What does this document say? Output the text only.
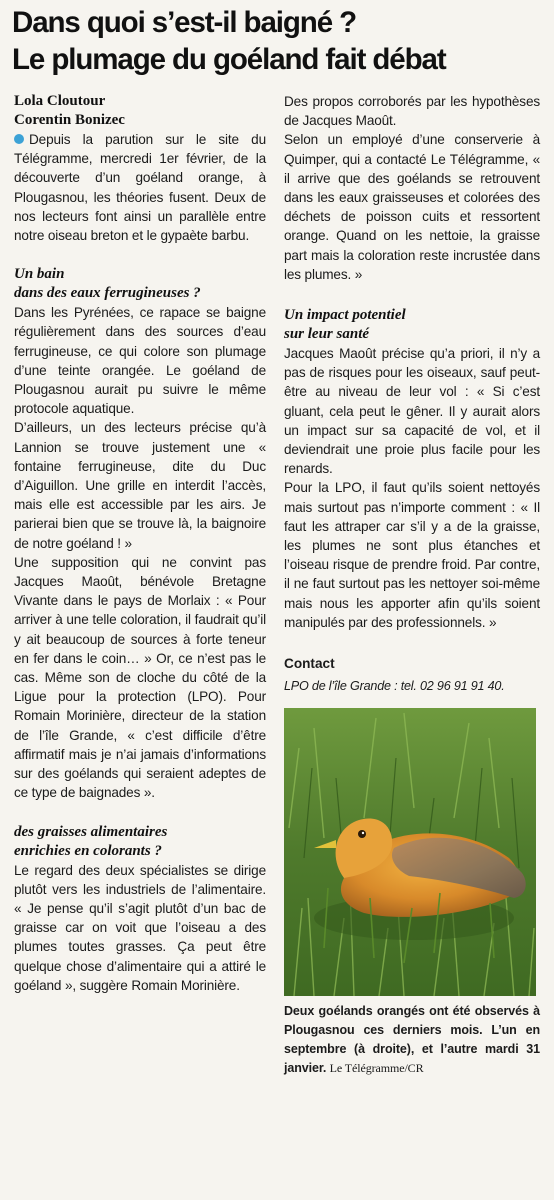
Dans quoi s’est-il baigné ?
Le plumage du goéland fait débat
Lola Cloutour
Corentin Bonizec

Depuis la parution sur le site du Télégramme, mercredi 1er février, de la découverte d’un goéland orange, à Plougasnou, les théories fusent. Deux de nos lecteurs font ainsi un parallèle entre notre oiseau breton et le gypaète barbu.

Un bain
dans des eaux ferrugineuses ?

Dans les Pyrénées, ce rapace se baigne régulièrement dans des sources d’eau ferrugineuse, ce qui colore son plumage d’une teinte orangée. Le goéland de Plougasnou aurait pu suivre le même protocole aquatique.

D’ailleurs, un des lecteurs précise qu’à Lannion se trouve justement une « fontaine ferrugineuse, dite du Duc d’Aiguillon. Une grille en interdit l’accès, mais elle est accessible par les airs. Je parierai bien que se trouve là, la baignoire de notre goéland ! »

Une supposition qui ne convint pas Jacques Maoût, bénévole Bretagne Vivante dans le pays de Morlaix : « Pour arriver à une telle coloration, il faudrait qu’il y ait beaucoup de sources à forte teneur en fer dans le coin… » Or, ce n’est pas le cas. Même son de cloche du côté de la Ligue pour la protection (LPO). Pour Romain Morinière, directeur de la station de l’île Grande, « c’est difficile d’être affirmatif mais je n’ai jamais d’informations sur des goélands qui seraient adeptes de ce type de baignades ».

des graisses alimentaires
enrichies en colorants ?

Le regard des deux spécialistes se dirige plutôt vers les industriels de l’alimentaire. « Je pense qu’il s’agit plutôt d’un bac de graisse car on voit que l’oiseau a des plumes toutes grasses. Ça peut être quelque chose d’alimentaire qui a attiré le goéland », suggère Romain Morinière.

Des propos corroborés par les hypothèses de Jacques Maoût.

Selon un employé d’une conserverie à Quimper, qui a contacté Le Télégramme, « il arrive que des goélands se retrouvent dans les eaux graisseuses et colorées des déchets de poisson cuits et ressortent orange. Quand on les nettoie, la graisse part mais la coloration reste incrustée dans les plumes. »

Un impact potentiel
sur leur santé

Jacques Maoût précise qu’a priori, il n’y a pas de risques pour les oiseaux, sauf peut-être au niveau de leur vol : « Si c’est gluant, cela peut le gêner. Il y aurait alors un impact sur sa capacité de vol, et il deviendrait une proie plus facile pour les renards.

Pour la LPO, il faut qu’ils soient nettoyés mais surtout pas n’importe comment : « Il faut les attraper car s’il y a de la graisse, les plumes ne sont plus étanches et l’oiseau risque de prendre froid. Par contre, il ne faut surtout pas les nettoyer soi-même mais nous les apporter afin qu’ils soient manipulés par des professionnels. »

Contact
LPO de l’île Grande : tel. 02 96 91 91 40.

Deux goélands orangés ont été observés à Plougasnou ces derniers mois. L’un en septembre (à droite), et l’autre mardi 31 janvier. Le Télégramme/CR
